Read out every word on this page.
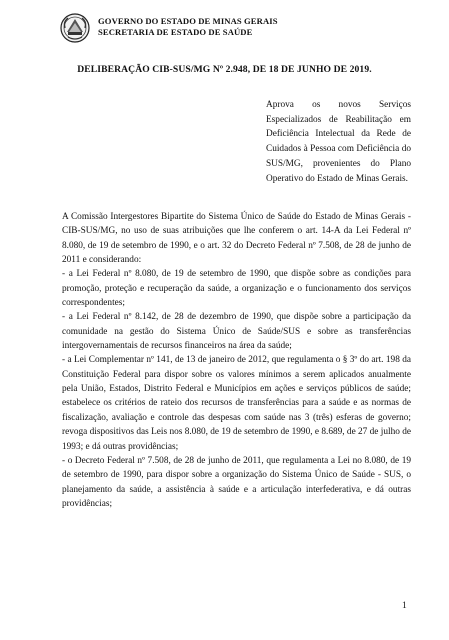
GOVERNO DO ESTADO DE MINAS GERAIS
SECRETARIA DE ESTADO DE SAÚDE
DELIBERAÇÃO CIB-SUS/MG Nº 2.948, DE 18 DE JUNHO DE 2019.
Aprova os novos Serviços Especializados de Reabilitação em Deficiência Intelectual da Rede de Cuidados à Pessoa com Deficiência do SUS/MG, provenientes do Plano Operativo do Estado de Minas Gerais.

A Comissão Intergestores Bipartite do Sistema Único de Saúde do Estado de Minas Gerais - CIB-SUS/MG, no uso de suas atribuições que lhe conferem o art. 14-A da Lei Federal nº 8.080, de 19 de setembro de 1990, e o art. 32 do Decreto Federal nº 7.508, de 28 de junho de 2011 e considerando:

- a Lei Federal nº 8.080, de 19 de setembro de 1990, que dispõe sobre as condições para promoção, proteção e recuperação da saúde, a organização e o funcionamento dos serviços correspondentes;

- a Lei Federal nº 8.142, de 28 de dezembro de 1990, que dispõe sobre a participação da comunidade na gestão do Sistema Único de Saúde/SUS e sobre as transferências intergovernamentais de recursos financeiros na área da saúde;

- a Lei Complementar nº 141, de 13 de janeiro de 2012, que regulamenta o § 3º do art. 198 da Constituição Federal para dispor sobre os valores mínimos a serem aplicados anualmente pela União, Estados, Distrito Federal e Municípios em ações e serviços públicos de saúde; estabelece os critérios de rateio dos recursos de transferências para a saúde e as normas de fiscalização, avaliação e controle das despesas com saúde nas 3 (três) esferas de governo; revoga dispositivos das Leis nos 8.080, de 19 de setembro de 1990, e 8.689, de 27 de julho de 1993; e dá outras providências;

- o Decreto Federal nº 7.508, de 28 de junho de 2011, que regulamenta a Lei no 8.080, de 19 de setembro de 1990, para dispor sobre a organização do Sistema Único de Saúde - SUS, o planejamento da saúde, a assistência à saúde e a articulação interfederativa, e dá outras providências;

1
